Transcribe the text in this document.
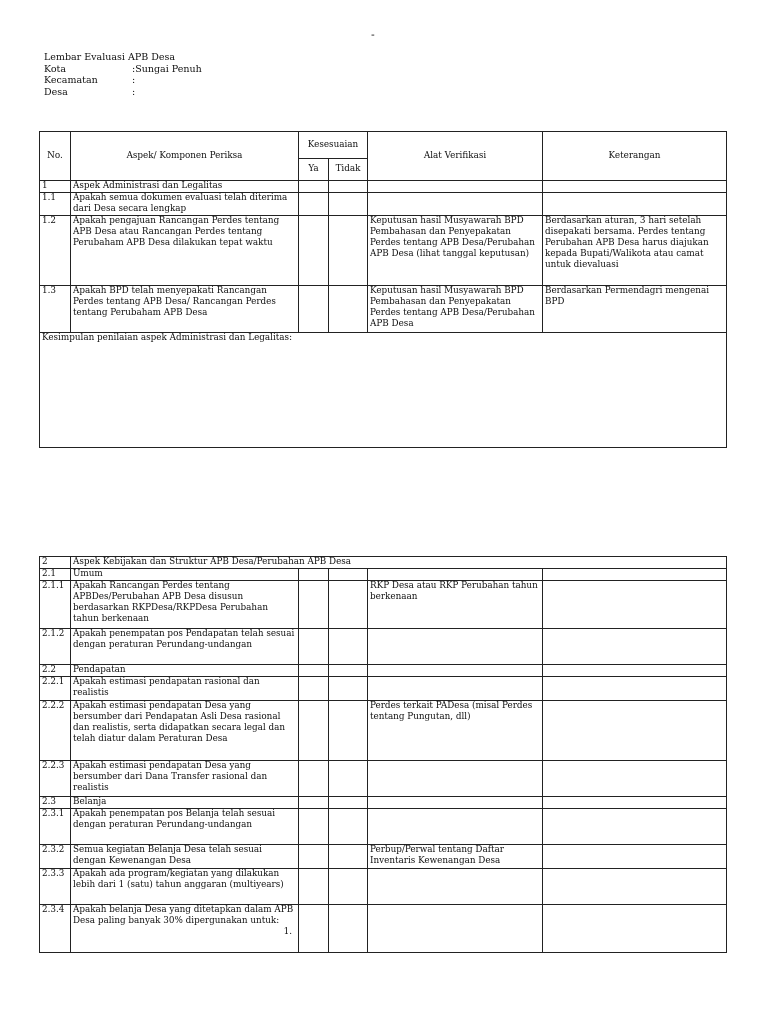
-
Lembar Evaluasi APB Desa
Kota	:Sungai Penuh
Kecamatan	:
Desa	:
No.	Aspek/ Komponen Periksa	Kesesuaian		Alat Verifikasi	Keterangan
		Ya	Tidak		
1	Aspek Administrasi dan Legalitas				
1.1	Apakah semua dokumen evaluasi telah diterima dari Desa secara lengkap				
1.2	Apakah pengajuan Rancangan Perdes tentang APB Desa atau Rancangan Perdes tentang Perubaham APB Desa dilakukan tepat waktu			Keputusan hasil Musyawarah BPD Pembahasan dan Penyepakatan Perdes tentang APB Desa/Perubahan APB Desa (lihat tanggal keputusan)	Berdasarkan aturan, 3 hari setelah disepakati bersama. Perdes tentang Perubahan APB Desa harus diajukan kepada Bupati/Walikota atau camat untuk dievaluasi
1.3	Apakah BPD telah menyepakati Rancangan Perdes tentang APB Desa/ Rancangan Perdes tentang Perubaham APB Desa			Keputusan hasil Musyawarah BPD Pembahasan dan Penyepakatan Perdes tentang APB Desa/Perubahan APB Desa	Berdasarkan Permendagri mengenai BPD
Kesimpulan penilaian aspek Administrasi dan Legalitas:					
2	Aspek Kebijakan dan Struktur APB Desa/Perubahan APB Desa				
2.1	Umum				
2.1.1	Apakah Rancangan Perdes tentang APBDes/Perubahan APB Desa disusun berdasarkan RKPDesa/RKPDesa Perubahan tahun berkenaan			RKP Desa atau RKP Perubahan tahun berkenaan	
2.1.2	Apakah penempatan pos Pendapatan telah sesuai dengan peraturan Perundang-undangan				
2.2	Pendapatan				
2.2.1	Apakah estimasi pendapatan rasional dan realistis				
2.2.2	Apakah estimasi pendapatan Desa yang bersumber dari Pendapatan Asli Desa rasional dan realistis, serta didapatkan secara legal dan telah diatur dalam Peraturan Desa			Perdes terkait PADesa (misal Perdes tentang Pungutan, dll)	
2.2.3	Apakah estimasi pendapatan Desa yang bersumber dari Dana Transfer rasional dan realistis				
2.3	Belanja				
2.3.1	Apakah penempatan pos Belanja telah sesuai dengan peraturan Perundang-undangan				
2.3.2	Semua kegiatan Belanja Desa telah sesuai dengan Kewenangan Desa			Perbup/Perwal tentang Daftar Inventaris Kewenangan Desa	
2.3.3	Apakah ada program/kegiatan yang dilakukan lebih dari 1 (satu) tahun anggaran (multiyears)				
2.3.4	Apakah belanja Desa yang ditetapkan dalam APB Desa paling banyak 30% dipergunakan untuk:
1.				
